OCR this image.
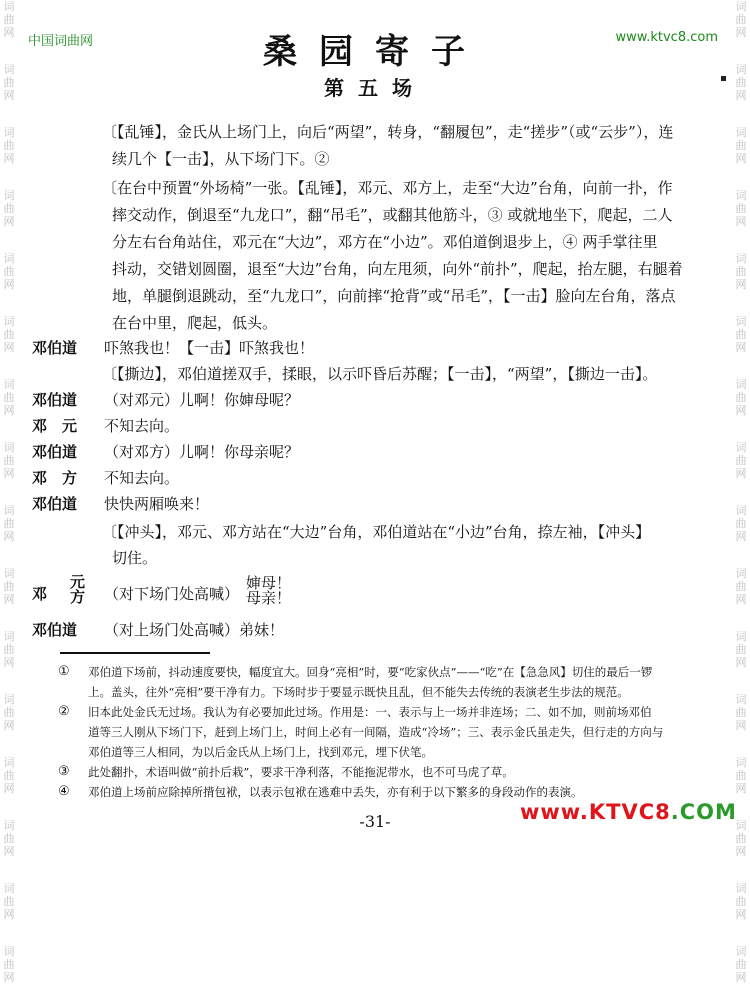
词
曲
网
词
曲
网
词
曲
网
词
曲
网
词
曲
网
词
曲
网
词
曲
网
词
曲
网
词
曲
网
词
曲
网
词
曲
网
词
曲
网
词
曲
网
词
曲
网
词
曲
网
词
曲
网
词
曲
网
词
曲
网
词
曲
网
词
曲
网
词
曲
网
词
曲
网
词
曲
网
词
曲
网
词
曲
网
词
曲
网
词
曲
网
词
曲
网
词
曲
网
词
曲
网
词
曲
网
词
曲
网
中国词曲网	www.ktvc8.com
桑园寄子
第五场
〔【乱锤】，金氏从上场门上，向后“两望”，转身，“翻履包”，走“搓步”（或“云步”），连
续几个【一击】，从下场门下。②
〔在台中预置“外场椅”一张。【乱锤】，邓元、邓方上，走至“大边”台角，向前一扑，作
摔交动作，倒退至“九龙口”，翻“吊毛”，或翻其他筋斗，③ 或就地坐下，爬起，二人
分左右台角站住，邓元在“大边”，邓方在“小边”。邓伯道倒退步上，④ 两手掌往里
抖动，交错划圆圈，退至“大边”台角，向左甩须，向外“前扑”，爬起，抬左腿，右腿着
地，单腿倒退跳动，至“九龙口”，向前摔“抢背”或“吊毛”，【一击】脸向左台角，落点
在台中里，爬起，低头。
邓伯道 吓煞我也！【一击】吓煞我也！
〔【撕边】，邓伯道搓双手，揉眼，以示吓昏后苏醒；【一击】，“两望”，【撕边一击】。
邓伯道 （对邓元）儿啊！你婶母呢？
邓　元 不知去向。
邓伯道 （对邓方）儿啊！你母亲呢？
邓　方 不知去向。
邓伯道 快快两厢唤来！
〔【冲头】，邓元、邓方站在“大边”台角，邓伯道站在“小边”台角，捺左袖，【冲头】
切住。
邓
元
方 （对下场门处高喊）
婶母！
母亲！
邓伯道 （对上场门处高喊）弟妹！
① 邓伯道下场前，抖动速度要快，幅度宜大。回身“亮相”时，要“吃家伙点”——“吃”在【急急风】切住的最后一锣
上。盖头，往外“亮相”要干净有力。下场时步于要显示既快且乱，但不能失去传统的表演老生步法的规范。
② 旧本此处金氏无过场。我认为有必要加此过场。作用是：一、表示与上一场并非连场；二、如不加，则前场邓伯
道等三人刚从下场门下，赶到上场门上，时间上必有一间隔，造成“冷场”；三、表示金氏虽走失，但行走的方向与
邓伯道等三人相同，为以后金氏从上场门上，找到邓元，埋下伏笔。
③ 此处翻扑，术语叫做“前扑后栽”，要求干净利落，不能拖泥带水，也不可马虎了草。
④ 邓伯道上场前应除掉所揹包袱，以表示包袱在逃难中丢失，亦有利于以下繁多的身段动作的表演。
-31-	www.KTVC8.COM
